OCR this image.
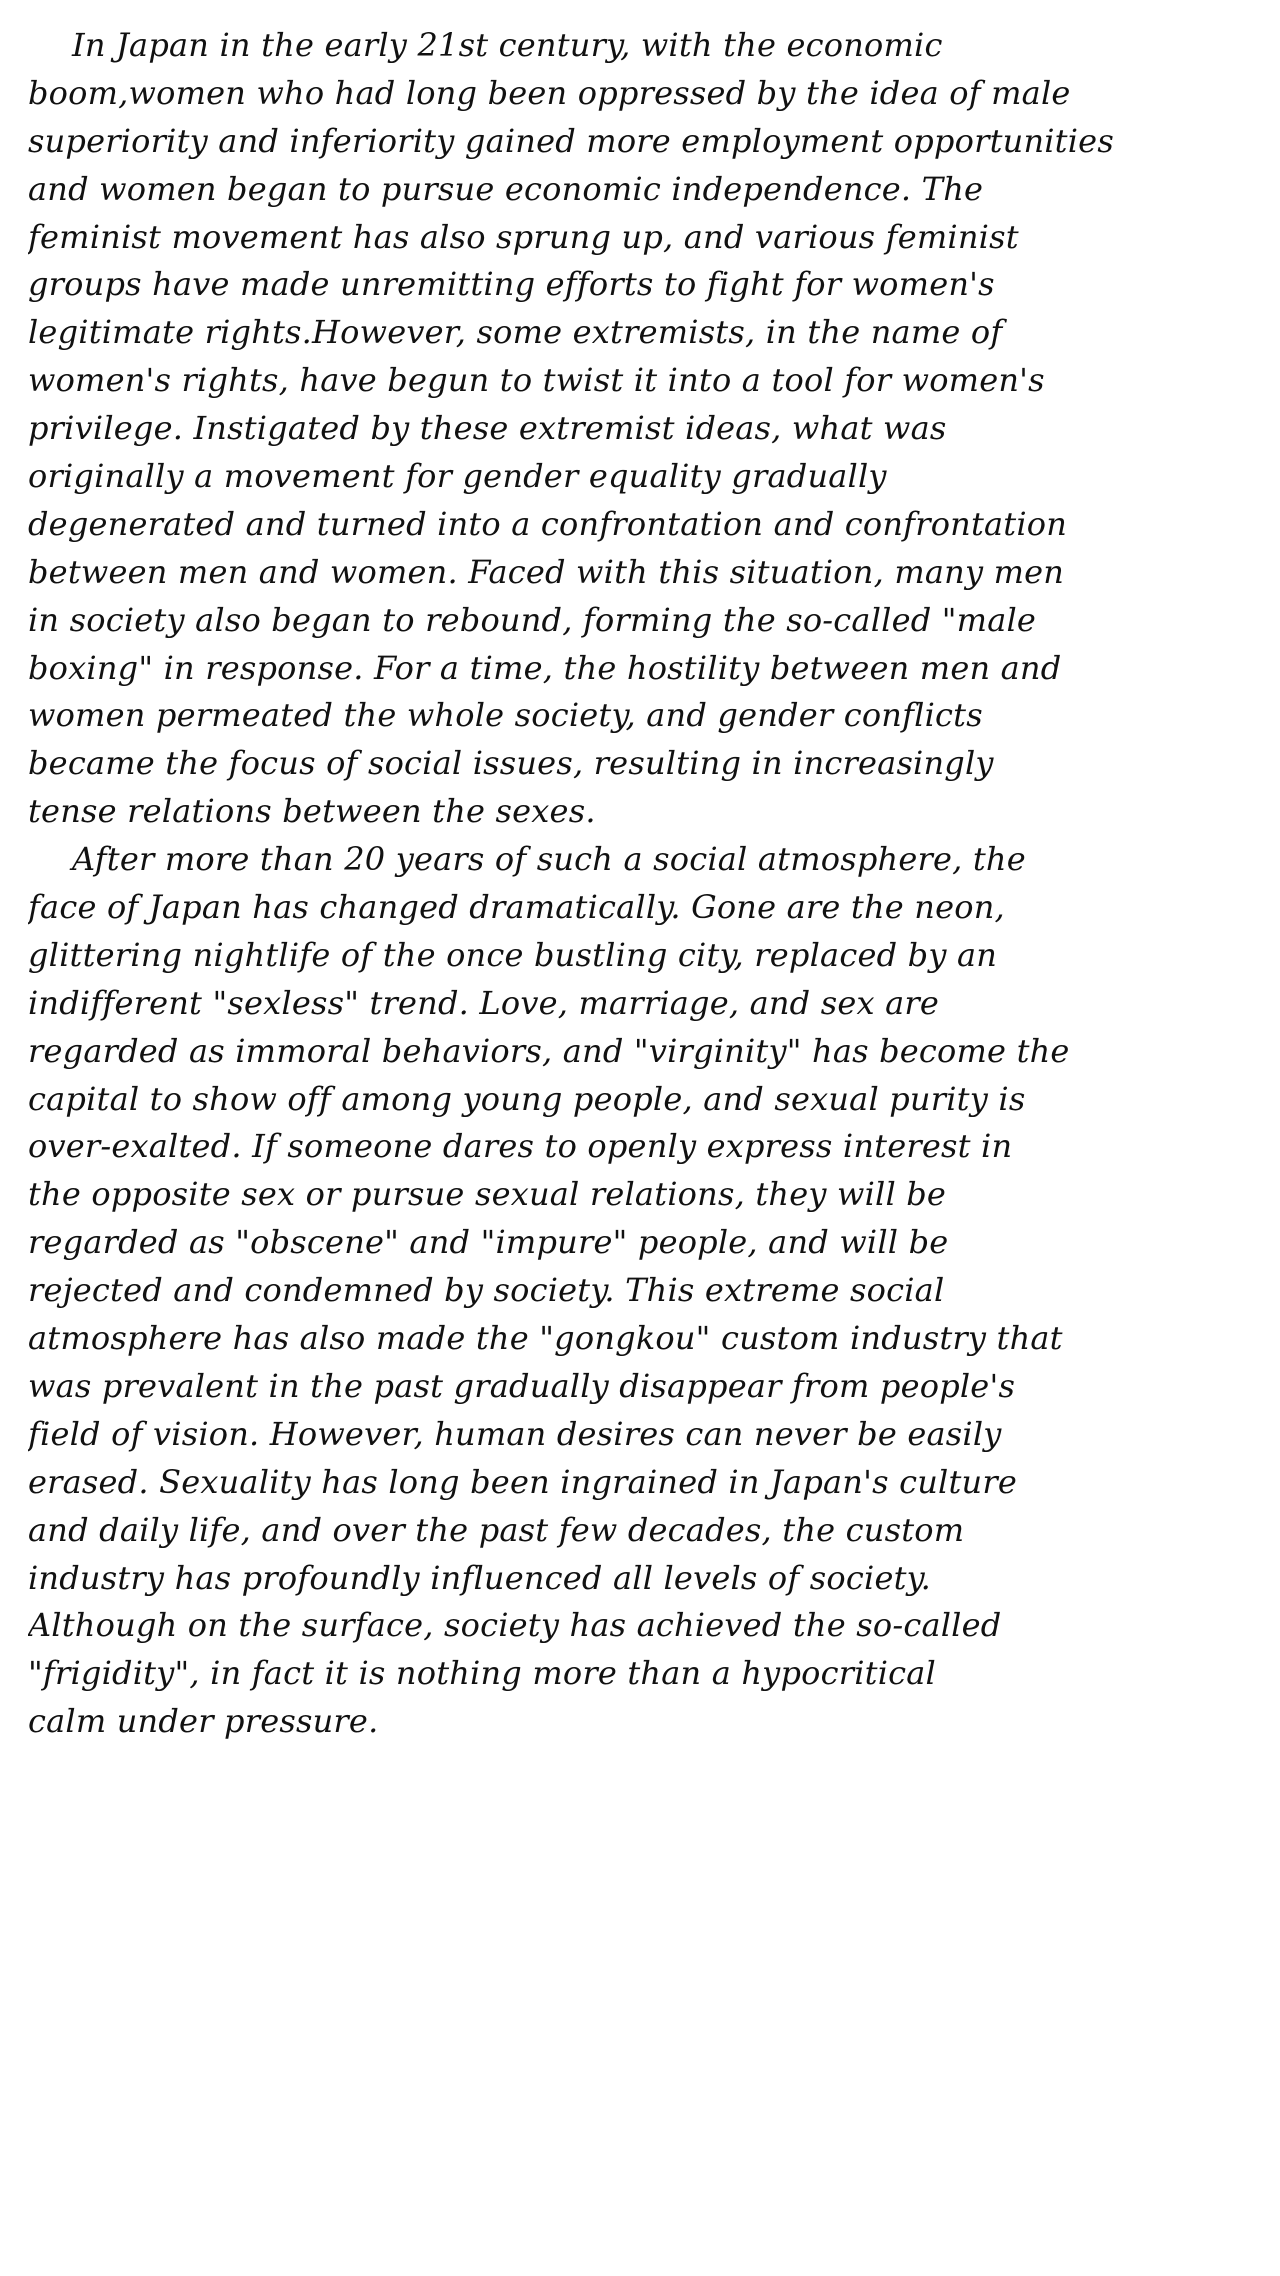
In Japan in the early 21st century, with the economic
boom,women who had long been oppressed by the idea of male
superiority and inferiority gained more employment opportunities
and women began to pursue economic independence. The
feminist movement has also sprung up, and various feminist
groups have made unremitting efforts to fight for women's
legitimate rights.However, some extremists, in the name of
women's rights, have begun to twist it into a tool for women's
privilege. Instigated by these extremist ideas, what was
originally a movement for gender equality gradually
degenerated and turned into a confrontation and confrontation
between men and women. Faced with this situation, many men
in society also began to rebound, forming the so-called "male
boxing" in response. For a time, the hostility between men and
women permeated the whole society, and gender conflicts
became the focus of social issues, resulting in increasingly
tense relations between the sexes.
After more than 20 years of such a social atmosphere, the
face of Japan has changed dramatically. Gone are the neon,
glittering nightlife of the once bustling city, replaced by an
indifferent "sexless" trend. Love, marriage, and sex are
regarded as immoral behaviors, and "virginity" has become the
capital to show off among young people, and sexual purity is
over-exalted. If someone dares to openly express interest in
the opposite sex or pursue sexual relations, they will be
regarded as "obscene" and "impure" people, and will be
rejected and condemned by society. This extreme social
atmosphere has also made the "gongkou" custom industry that
was prevalent in the past gradually disappear from people's
field of vision. However, human desires can never be easily
erased. Sexuality has long been ingrained in Japan's culture
and daily life, and over the past few decades, the custom
industry has profoundly influenced all levels of society.
Although on the surface, society has achieved the so-called
"frigidity", in fact it is nothing more than a hypocritical
calm under pressure.
